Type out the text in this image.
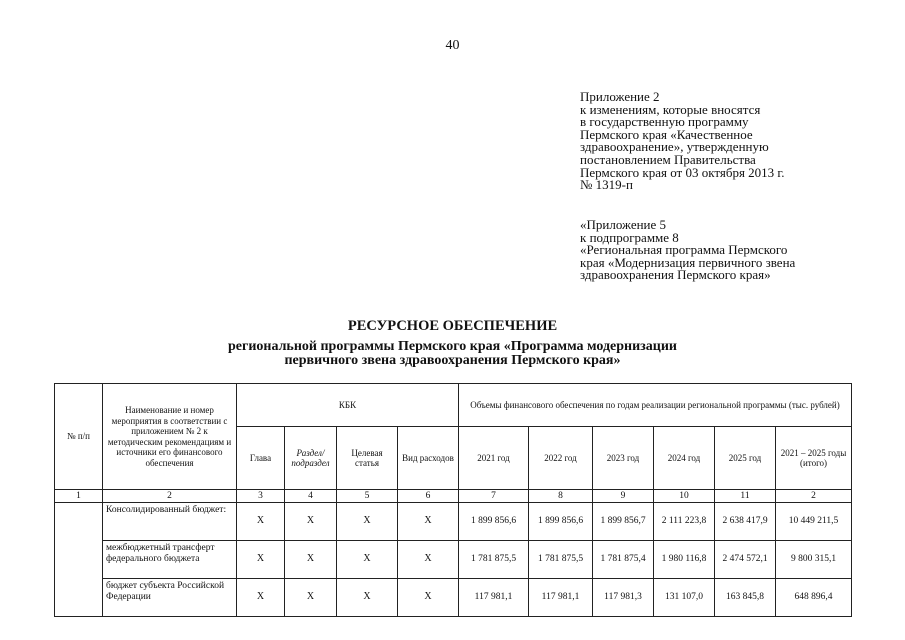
40
Приложение 2
к изменениям, которые вносятся
в государственную программу
Пермского края «Качественное
здравоохранение», утвержденную
постановлением Правительства
Пермского края от 03 октября 2013 г.
№ 1319-п
«Приложение 5
к подпрограмме 8
«Региональная программа Пермского
края «Модернизация первичного звена
здравоохранения Пермского края»
РЕСУРСНОЕ ОБЕСПЕЧЕНИЕ
региональной программы Пермского края «Программа модернизации
первичного звена здравоохранения Пермского края»
№ п/п	Наименование и номер мероприятия в соответствии с приложением № 2 к методическим рекомендациям и источники его финансового обеспечения	КБК				Объемы финансового обеспечения по годам реализации региональной программы (тыс. рублей)					
		Глава	Раздел/ подраздел	Целевая статья	Вид расходов	2021 год	2022 год	2023 год	2024 год	2025 год	2021 – 2025 годы (итого)
1	2	3	4	5	6	7	8	9	10	11	2
	Консолидированный бюджет:	X	X	X	X	1 899 856,6	1 899 856,6	1 899 856,7	2 111 223,8	2 638 417,9	10 449 211,5
	межбюджетный трансферт федерального бюджета	X	X	X	X	1 781 875,5	1 781 875,5	1 781 875,4	1 980 116,8	2 474 572,1	9 800 315,1
	бюджет субъекта Российской Федерации	X	X	X	X	117 981,1	117 981,1	117 981,3	131 107,0	163 845,8	648 896,4
